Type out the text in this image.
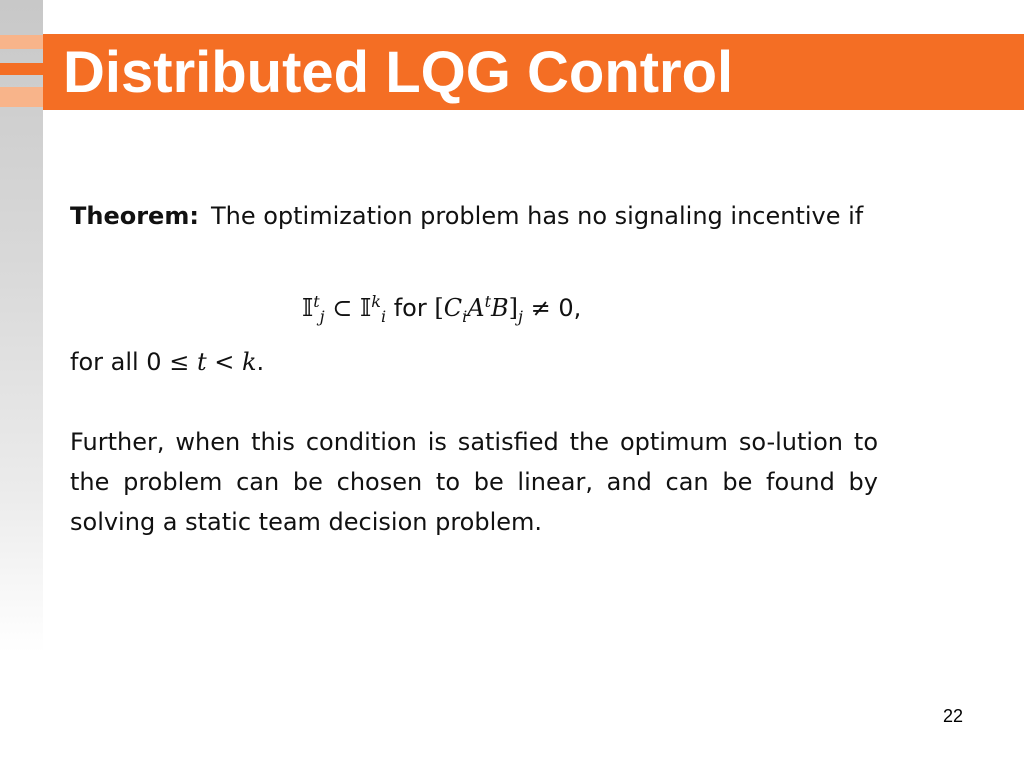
Distributed LQG Control
Theorem: The optimization problem has no signaling incentive if
𝕀$^t_j$ ⊂ 𝕀$^k_i$ for $[C_iA^tB]_j \ne 0$,
for all 0 ≤ t < k.
Further, when this condition is satisfied the optimum so-lution to the problem can be chosen to be linear, and can be found by solving a static team decision problem.
22
